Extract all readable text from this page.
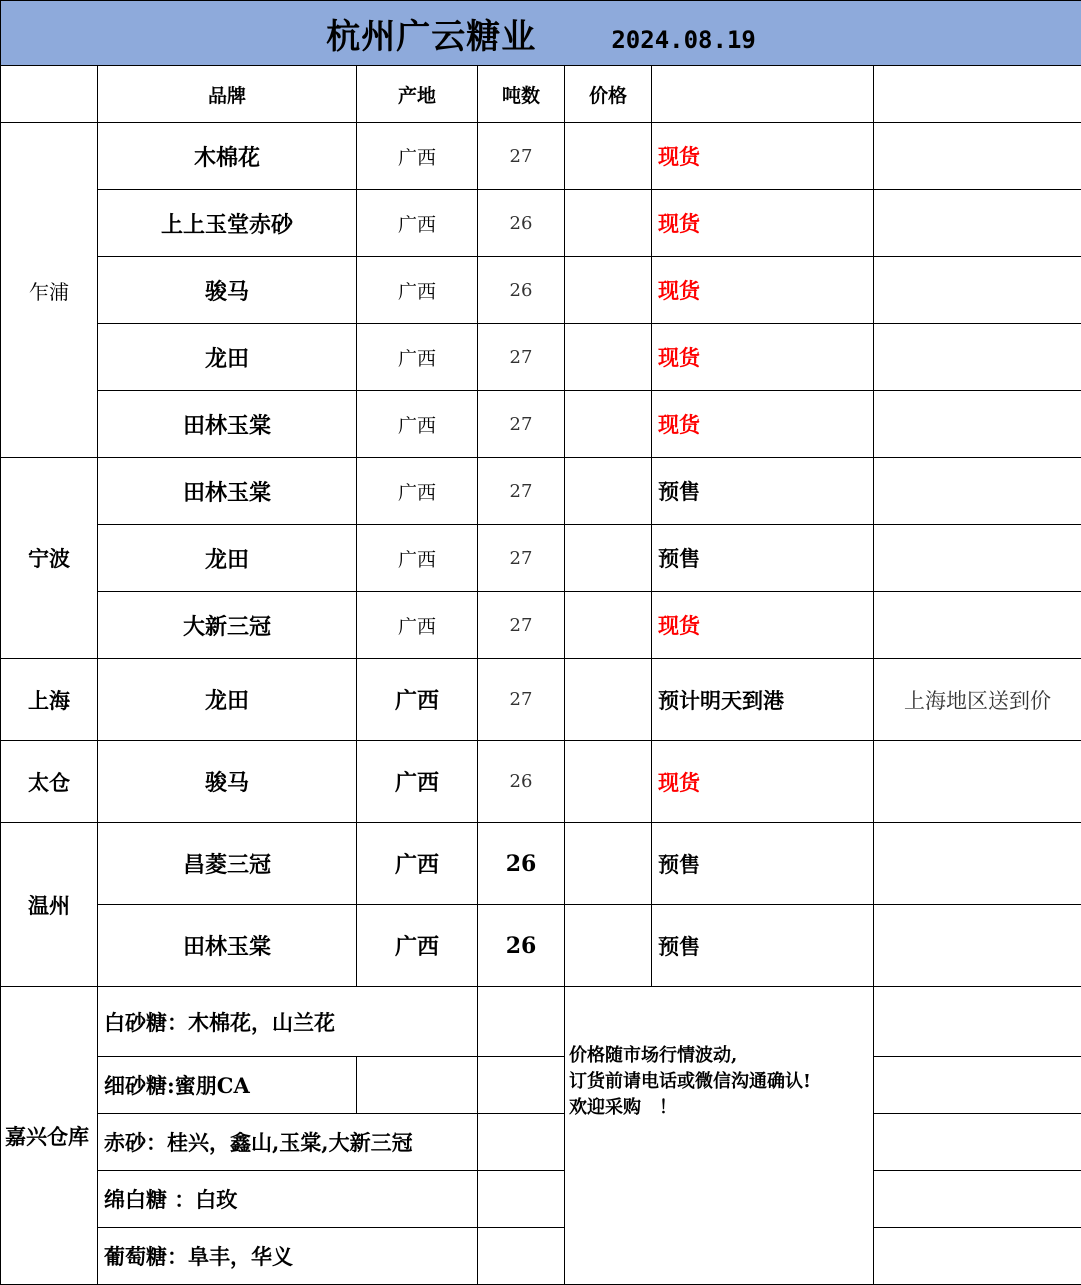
杭州广云糖业 2024.08.19						
	品牌	产地	吨数	价格		
乍浦	木棉花	广西	27		现货	
	上上玉堂赤砂	广西	26		现货	
	骏马	广西	26		现货	
	龙田	广西	27		现货	
	田林玉棠	广西	27		现货	
宁波	田林玉棠	广西	27		预售	
	龙田	广西	27		预售	
	大新三冠	广西	27		现货	
上海	龙田	广西	27		预计明天到港	上海地区送到价
太仓	骏马	广西	26		现货	
温州	昌菱三冠	广西	26		预售	
	田林玉棠	广西	26		预售	
嘉兴仓库	白砂糖：木棉花，山兰花			价格随市场行情波动,
订货前请电话或微信沟通确认!
欢迎采购　！		

	细砂糖:蜜朋CA					
	赤砂：桂兴，鑫山,玉棠,大新三冠					
	绵白糖 ：白玫					
	葡萄糖：阜丰，华义					
